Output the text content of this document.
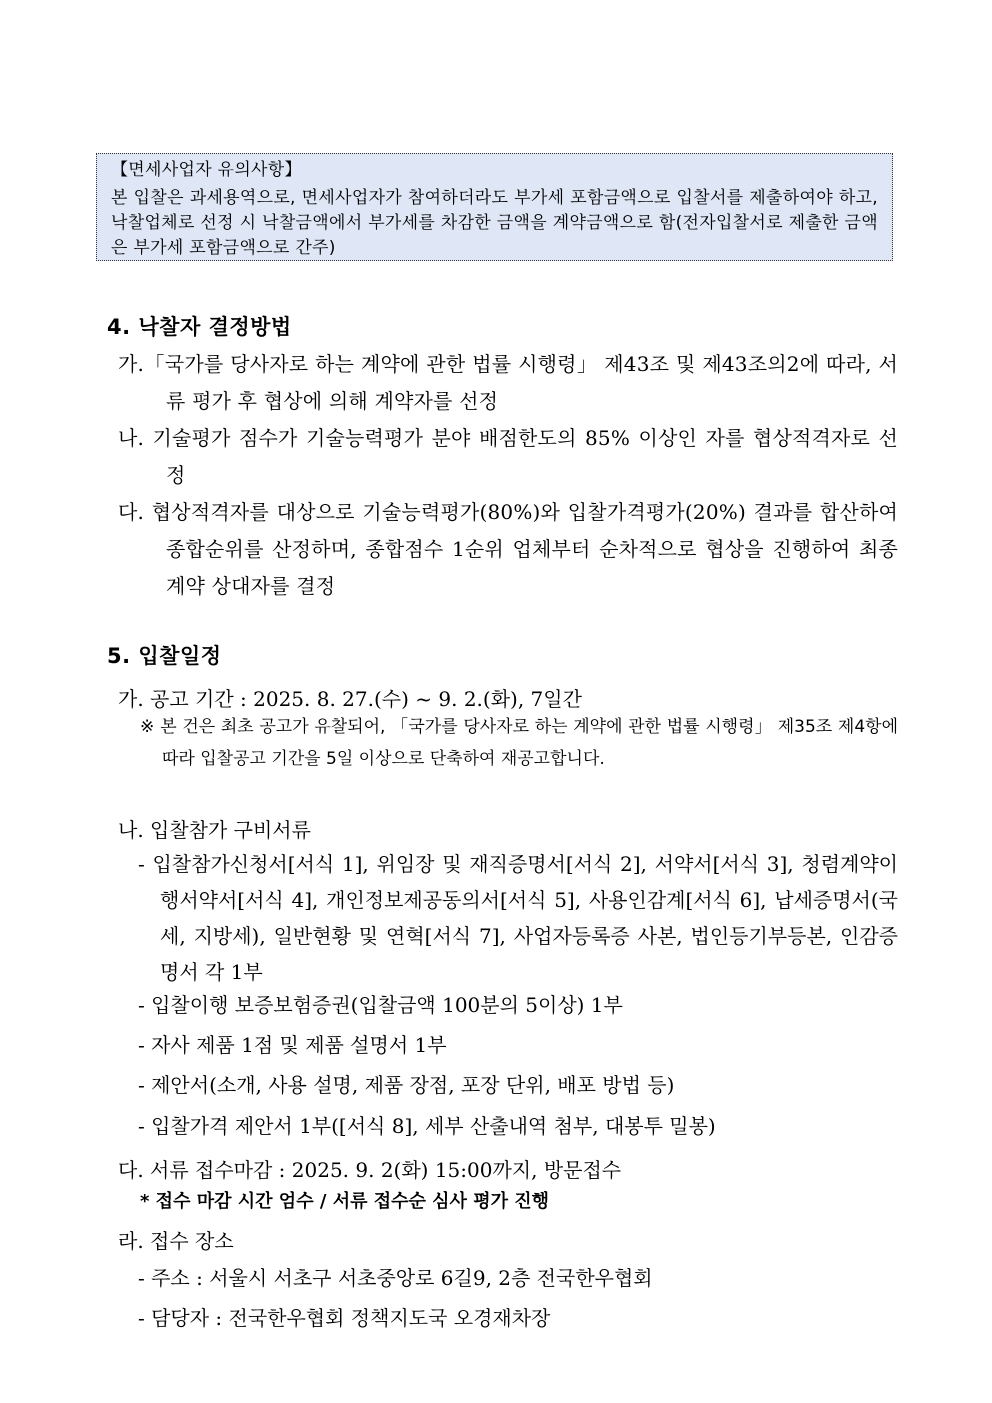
【면세사업자 유의사항】
본 입찰은 과세용역으로, 면세사업자가 참여하더라도 부가세 포함금액으로 입찰서를 제출하여야 하고, 낙찰업체로 선정 시 낙찰금액에서 부가세를 차감한 금액을 계약금액으로 함(전자입찰서로 제출한 금액은 부가세 포함금액으로 간주)
4. 낙찰자 결정방법
가.「국가를 당사자로 하는 계약에 관한 법률 시행령」 제43조 및 제43조의2에 따라, 서류 평가 후 협상에 의해 계약자를 선정
나. 기술평가 점수가 기술능력평가 분야 배점한도의 85% 이상인 자를 협상적격자로 선정
다. 협상적격자를 대상으로 기술능력평가(80%)와 입찰가격평가(20%) 결과를 합산하여 종합순위를 산정하며, 종합점수 1순위 업체부터 순차적으로 협상을 진행하여 최종 계약 상대자를 결정
5. 입찰일정
가. 공고 기간 : 2025. 8. 27.(수) ~ 9. 2.(화), 7일간
※ 본 건은 최초 공고가 유찰되어, 「국가를 당사자로 하는 계약에 관한 법률 시행령」 제35조 제4항에 따라 입찰공고 기간을 5일 이상으로 단축하여 재공고합니다.
나. 입찰참가 구비서류
- 입찰참가신청서[서식 1], 위임장 및 재직증명서[서식 2], 서약서[서식 3], 청렴계약이행서약서[서식 4], 개인정보제공동의서[서식 5], 사용인감계[서식 6], 납세증명서(국세, 지방세), 일반현황 및 연혁[서식 7], 사업자등록증 사본, 법인등기부등본, 인감증명서 각 1부
- 입찰이행 보증보험증권(입찰금액 100분의 5이상) 1부
- 자사 제품 1점 및 제품 설명서 1부
- 제안서(소개, 사용 설명, 제품 장점, 포장 단위, 배포 방법 등)
- 입찰가격 제안서 1부([서식 8], 세부 산출내역 첨부, 대봉투 밀봉)
다. 서류 접수마감 : 2025. 9. 2(화) 15:00까지, 방문접수
* 접수 마감 시간 엄수 / 서류 접수순 심사 평가 진행
라. 접수 장소
- 주소 : 서울시 서초구 서초중앙로 6길9, 2층 전국한우협회
- 담당자 : 전국한우협회 정책지도국 오경재차장
